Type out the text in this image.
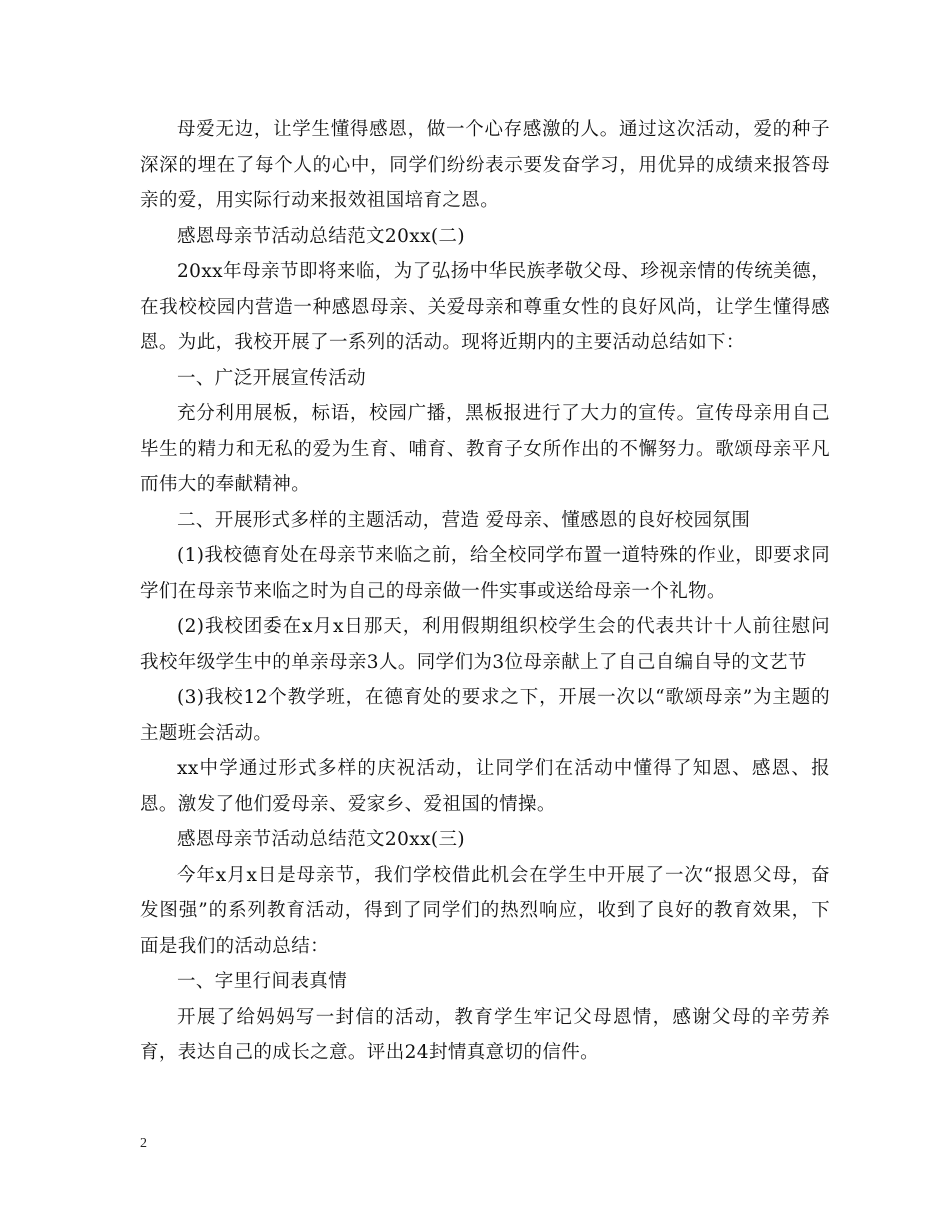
母爱无边，让学生懂得感恩，做一个心存感激的人。通过这次活动，爱的种子深深的埋在了每个人的心中，同学们纷纷表示要发奋学习，用优异的成绩来报答母亲的爱，用实际行动来报效祖国培育之恩。

感恩母亲节活动总结范文20xx(二)

20xx年母亲节即将来临，为了弘扬中华民族孝敬父母、珍视亲情的传统美德，在我校校园内营造一种感恩母亲、关爱母亲和尊重女性的良好风尚，让学生懂得感恩。为此，我校开展了一系列的活动。现将近期内的主要活动总结如下：

一、广泛开展宣传活动

充分利用展板，标语，校园广播，黑板报进行了大力的宣传。宣传母亲用自己毕生的精力和无私的爱为生育、哺育、教育子女所作出的不懈努力。歌颂母亲平凡而伟大的奉献精神。

二、开展形式多样的主题活动，营造 爱母亲、懂感恩的良好校园氛围

(1)我校德育处在母亲节来临之前，给全校同学布置一道特殊的作业，即要求同学们在母亲节来临之时为自己的母亲做一件实事或送给母亲一个礼物。

(2)我校团委在x月x日那天，利用假期组织校学生会的代表共计十人前往慰问我校年级学生中的单亲母亲3人。同学们为3位母亲献上了自己自编自导的文艺节

(3)我校12个教学班，在德育处的要求之下，开展一次以“歌颂母亲”为主题的主题班会活动。

xx中学通过形式多样的庆祝活动，让同学们在活动中懂得了知恩、感恩、报恩。激发了他们爱母亲、爱家乡、爱祖国的情操。

感恩母亲节活动总结范文20xx(三)

今年x月x日是母亲节，我们学校借此机会在学生中开展了一次“报恩父母，奋发图强”的系列教育活动，得到了同学们的热烈响应，收到了良好的教育效果，下面是我们的活动总结：

一、字里行间表真情

开展了给妈妈写一封信的活动，教育学生牢记父母恩情，感谢父母的辛劳养育，表达自己的成长之意。评出24封情真意切的信件。

2
